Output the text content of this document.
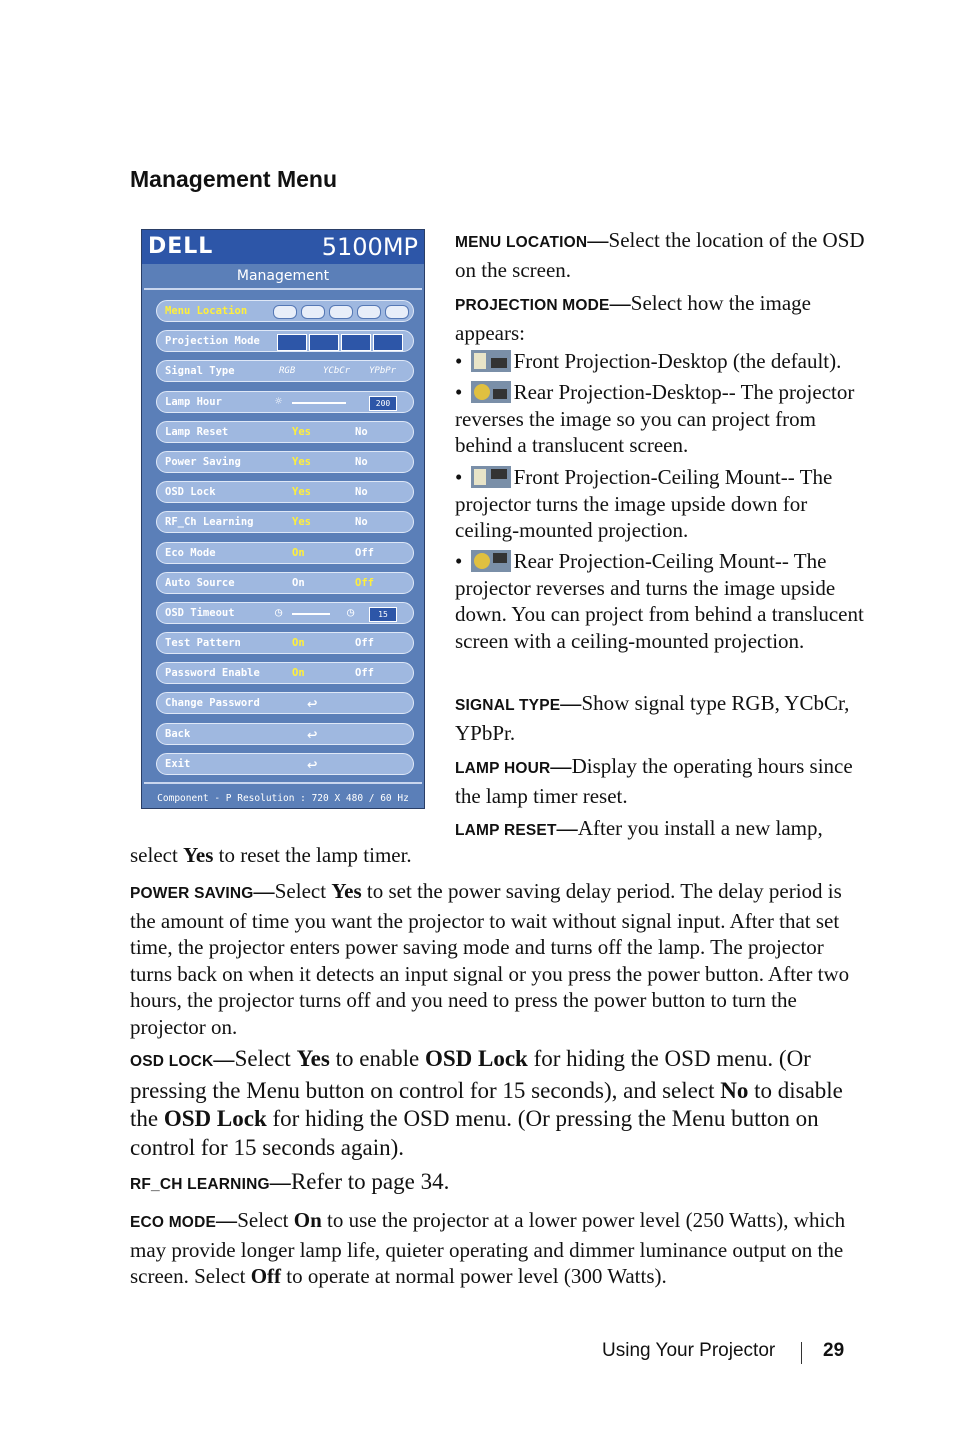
Management Menu
DELL	5100MP
Management
Menu Location
Projection Mode
Signal Type	RGB	YCbCr YPbPr
Lamp Hour	☼	200
Lamp Reset	Yes	No
Power Saving	Yes	No
OSD Lock	Yes	No
RF_Ch Learning	Yes	No
Eco Mode	On	Off
Auto Source	On	Off
OSD Timeout	◷	◷	15
Test Pattern	On	Off
Password Enable	On	Off
Change Password	↩
Back	↩
Exit	↩
Component - P Resolution : 720 X 480 / 60 Hz
MENU LOCATION—Select the location of the OSD on the screen.
PROJECTION MODE—Select how the image appears:
• Front Projection-Desktop (the default).
• Rear Projection-Desktop-- The projector reverses the image so you can project from behind a translucent screen.
• Front Projection-Ceiling Mount-- The projector turns the image upside down for ceiling-mounted projection.
• Rear Projection-Ceiling Mount-- The projector reverses and turns the image upside down. You can project from behind a translucent screen with a ceiling-mounted projection.
SIGNAL TYPE—Show signal type RGB, YCbCr, YPbPr.
LAMP HOUR—Display the operating hours since the lamp timer reset.
LAMP RESET—After you install a new lamp,
select Yes to reset the lamp timer.
POWER SAVING—Select Yes to set the power saving delay period. The delay period is the amount of time you want the projector to wait without signal input. After that set time, the projector enters power saving mode and turns off the lamp. The projector turns back on when it detects an input signal or you press the power button. After two hours, the projector turns off and you need to press the power button to turn the projector on.
OSD LOCK—Select Yes to enable OSD Lock for hiding the OSD menu. (Or pressing the Menu button on control for 15 seconds), and select No to disable the OSD Lock for hiding the OSD menu. (Or pressing the Menu button on control for 15 seconds again).
RF_CH LEARNING—Refer to page 34.
ECO MODE—Select On to use the projector at a lower power level (250 Watts), which may provide longer lamp life, quieter operating and dimmer luminance output on the screen. Select Off to operate at normal power level (300 Watts).
Using Your Projector	29
